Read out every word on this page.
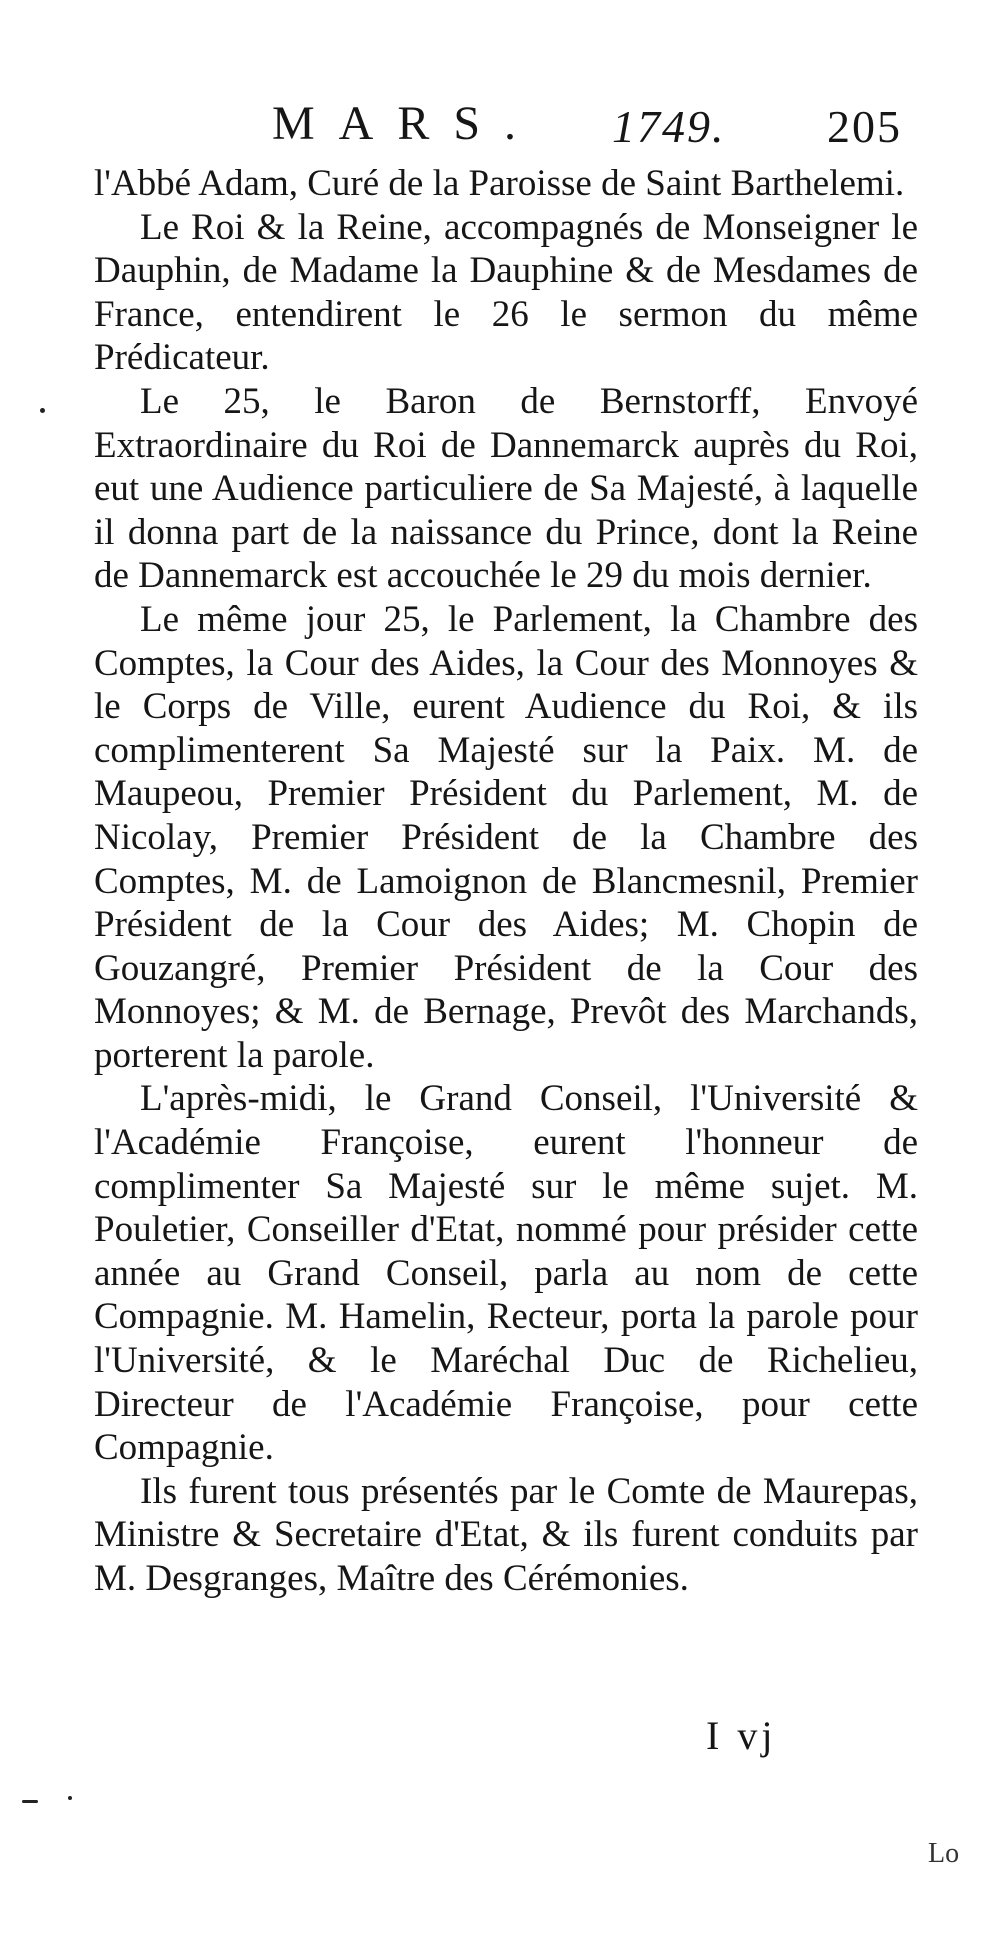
MARS. 1749. 205

l'Abbé Adam, Curé de la Paroisse de Saint Barthelemi.

Le Roi & la Reine, accompagnés de Monseigner le Dauphin, de Madame la Dauphine & de Mesdames de France, entendirent le 26 le sermon du même Prédicateur.

Le 25, le Baron de Bernstorff, Envoyé Extraordinaire du Roi de Dannemarck auprès du Roi, eut une Audience particuliere de Sa Majesté, à laquelle il donna part de la naissance du Prince, dont la Reine de Dannemarck est accouchée le 29 du mois dernier.

Le même jour 25, le Parlement, la Chambre des Comptes, la Cour des Aides, la Cour des Monnoyes & le Corps de Ville, eurent Audience du Roi, & ils complimenterent Sa Majesté sur la Paix. M. de Maupeou, Premier Président du Parlement, M. de Nicolay, Premier Président de la Chambre des Comptes, M. de Lamoignon de Blancmesnil, Premier Président de la Cour des Aides; M. Chopin de Gouzangré, Premier Président de la Cour des Monnoyes; & M. de Bernage, Prevôt des Marchands, porterent la parole.

L'après-midi, le Grand Conseil, l'Université & l'Académie Françoise, eurent l'honneur de complimenter Sa Majesté sur le même sujet. M. Pouletier, Conseiller d'Etat, nommé pour présider cette année au Grand Conseil, parla au nom de cette Compagnie. M. Hamelin, Recteur, porta la parole pour l'Université, & le Maréchal Duc de Richelieu, Directeur de l'Académie Françoise, pour cette Compagnie.

Ils furent tous présentés par le Comte de Maurepas, Ministre & Secretaire d'Etat, & ils furent conduits par M. Desgranges, Maître des Cérémonies.

I vj
Lo
